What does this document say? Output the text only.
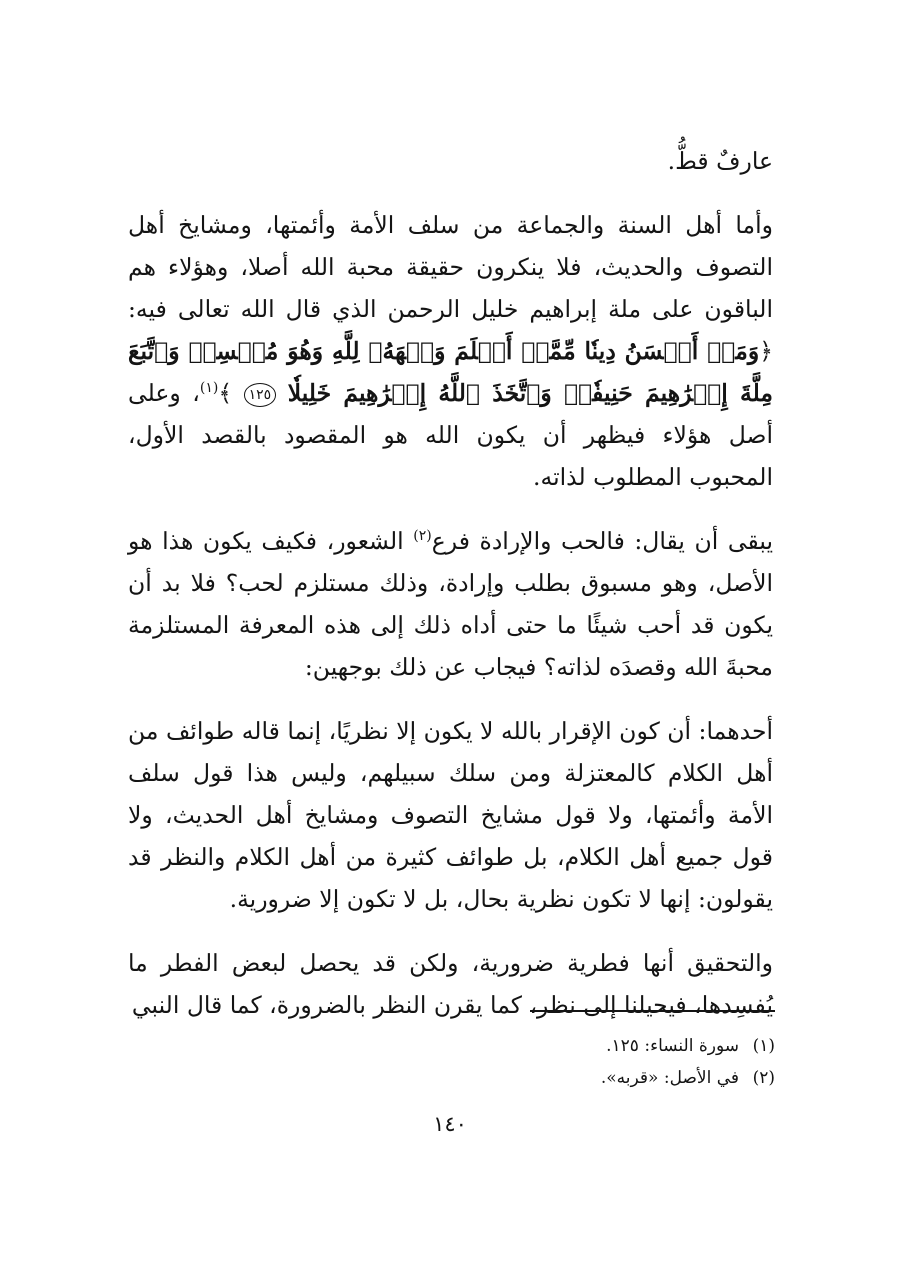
عارفٌ قطُّ.

وأما أهل السنة والجماعة من سلف الأمة وأئمتها، ومشايخ أهل التصوف والحديث، فلا ينكرون حقيقة محبة الله أصلا، وهؤلاء هم الباقون على ملة إبراهيم خليل الرحمن الذي قال الله تعالى فيه: ﴿وَمَنۡ أَحۡسَنُ دِينٗا مِّمَّنۡ أَسۡلَمَ وَجۡهَهُۥ لِلَّهِ وَهُوَ مُحۡسِنٞ وَٱتَّبَعَ مِلَّةَ إِبۡرَٰهِيمَ حَنِيفٗاۗ وَٱتَّخَذَ ٱللَّهُ إِبۡرَٰهِيمَ خَلِيلٗا ١٢٥ ﴾$^{(١)}$، وعلى أصل هؤلاء فيظهر أن يكون الله هو المقصود بالقصد الأول، المحبوب المطلوب لذاته.

يبقى أن يقال: فالحب والإرادة فرع$^{(٢)}$ الشعور، فكيف يكون هذا هو الأصل، وهو مسبوق بطلب وإرادة، وذلك مستلزم لحب؟ فلا بد أن يكون قد أحب شيئًا ما حتى أداه ذلك إلى هذه المعرفة المستلزمة محبةَ الله وقصدَه لذاته؟ فيجاب عن ذلك بوجهين:

أحدهما: أن كون الإقرار بالله لا يكون إلا نظريًا، إنما قاله طوائف من أهل الكلام كالمعتزلة ومن سلك سبيلهم، وليس هذا قول سلف الأمة وأئمتها، ولا قول مشايخ التصوف ومشايخ أهل الحديث، ولا قول جميع أهل الكلام، بل طوائف كثيرة من أهل الكلام والنظر قد يقولون: إنها لا تكون نظرية بحال، بل لا تكون إلا ضرورية.

والتحقيق أنها فطرية ضرورية، ولكن قد يحصل لبعض الفطر ما يُفسِدها، فيحيلنا إلى نظر، كما يقرن النظر بالضرورة، كما قال النبي

(١)سورة النساء: ١٢٥.
(٢)في الأصل: «قربه».
١٤٠
